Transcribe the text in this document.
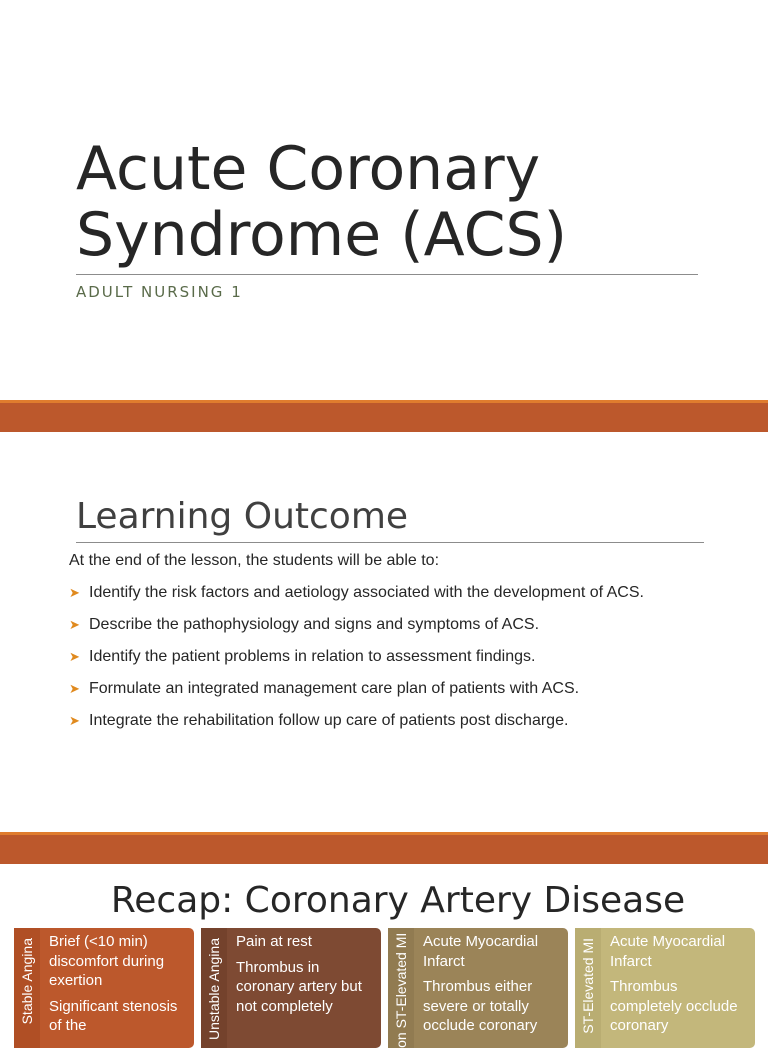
Acute Coronary
Syndrome (ACS)
ADULT NURSING 1
Learning Outcome
At the end of the lesson, the students will be able to:
➤ Identify the risk factors and aetiology associated with the development of ACS.
➤ Describe the pathophysiology and signs and symptoms of ACS.
➤ Identify the patient problems in relation to assessment findings.
➤ Formulate an integrated management care plan of patients with ACS.
➤ Integrate the rehabilitation follow up care of patients post discharge.
Recap: Coronary Artery Disease
Stable Angina Brief (<10 min) discomfort during exertion

Significant stenosis of the	Unstable Angina Pain at rest

Thrombus in coronary artery but not completely	Non ST-Elevated MI Acute Myocardial Infarct

Thrombus either severe or totally occlude coronary	ST-Elevated MI Acute Myocardial Infarct

Thrombus completely occlude coronary
